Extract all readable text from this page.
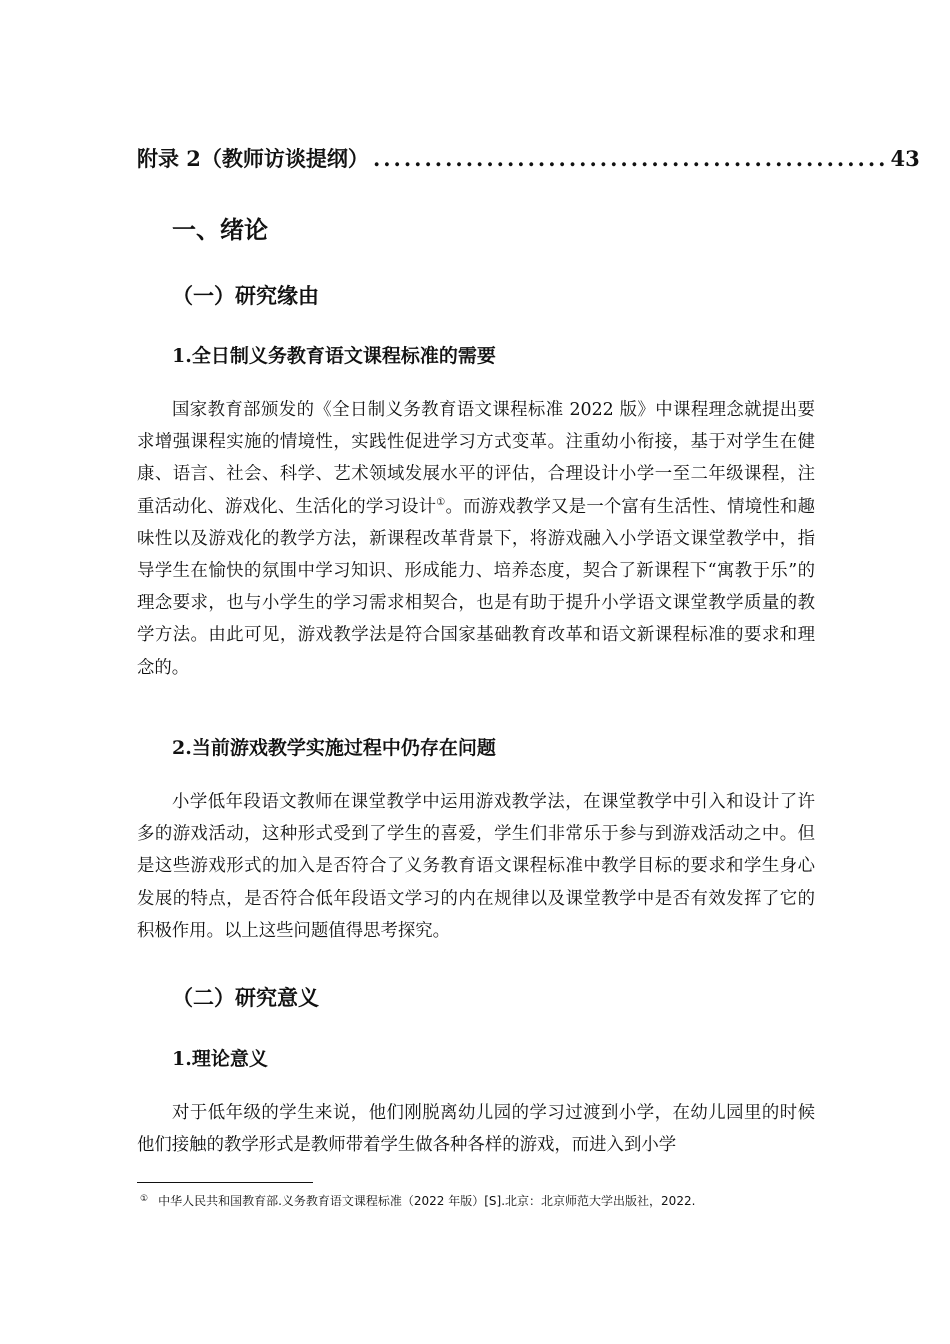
附录 2（教师访谈提纲） .................................................. 43
一、绪论
（一）研究缘由
1.全日制义务教育语文课程标准的需要

国家教育部颁发的《全日制义务教育语文课程标准 2022 版》中课程理念就提出要求增强课程实施的情境性，实践性促进学习方式变革。注重幼小衔接，基于对学生在健康、语言、社会、科学、艺术领域发展水平的评估，合理设计小学一至二年级课程，注重活动化、游戏化、生活化的学习设计①。而游戏教学又是一个富有生活性、情境性和趣味性以及游戏化的教学方法，新课程改革背景下，将游戏融入小学语文课堂教学中，指导学生在愉快的氛围中学习知识、形成能力、培养态度，契合了新课程下“寓教于乐”的理念要求，也与小学生的学习需求相契合，也是有助于提升小学语文课堂教学质量的教学方法。由此可见，游戏教学法是符合国家基础教育改革和语文新课程标准的要求和理念的。

2.当前游戏教学实施过程中仍存在问题

小学低年段语文教师在课堂教学中运用游戏教学法，在课堂教学中引入和设计了许多的游戏活动，这种形式受到了学生的喜爱，学生们非常乐于参与到游戏活动之中。但是这些游戏形式的加入是否符合了义务教育语文课程标准中教学目标的要求和学生身心发展的特点，是否符合低年段语文学习的内在规律以及课堂教学中是否有效发挥了它的积极作用。以上这些问题值得思考探究。

（二）研究意义
1.理论意义

对于低年级的学生来说，他们刚脱离幼儿园的学习过渡到小学，在幼儿园里的时候他们接触的教学形式是教师带着学生做各种各样的游戏，而进入到小学

① 中华人民共和国教育部.义务教育语文课程标准（2022 年版）[S].北京：北京师范大学出版社，2022.
